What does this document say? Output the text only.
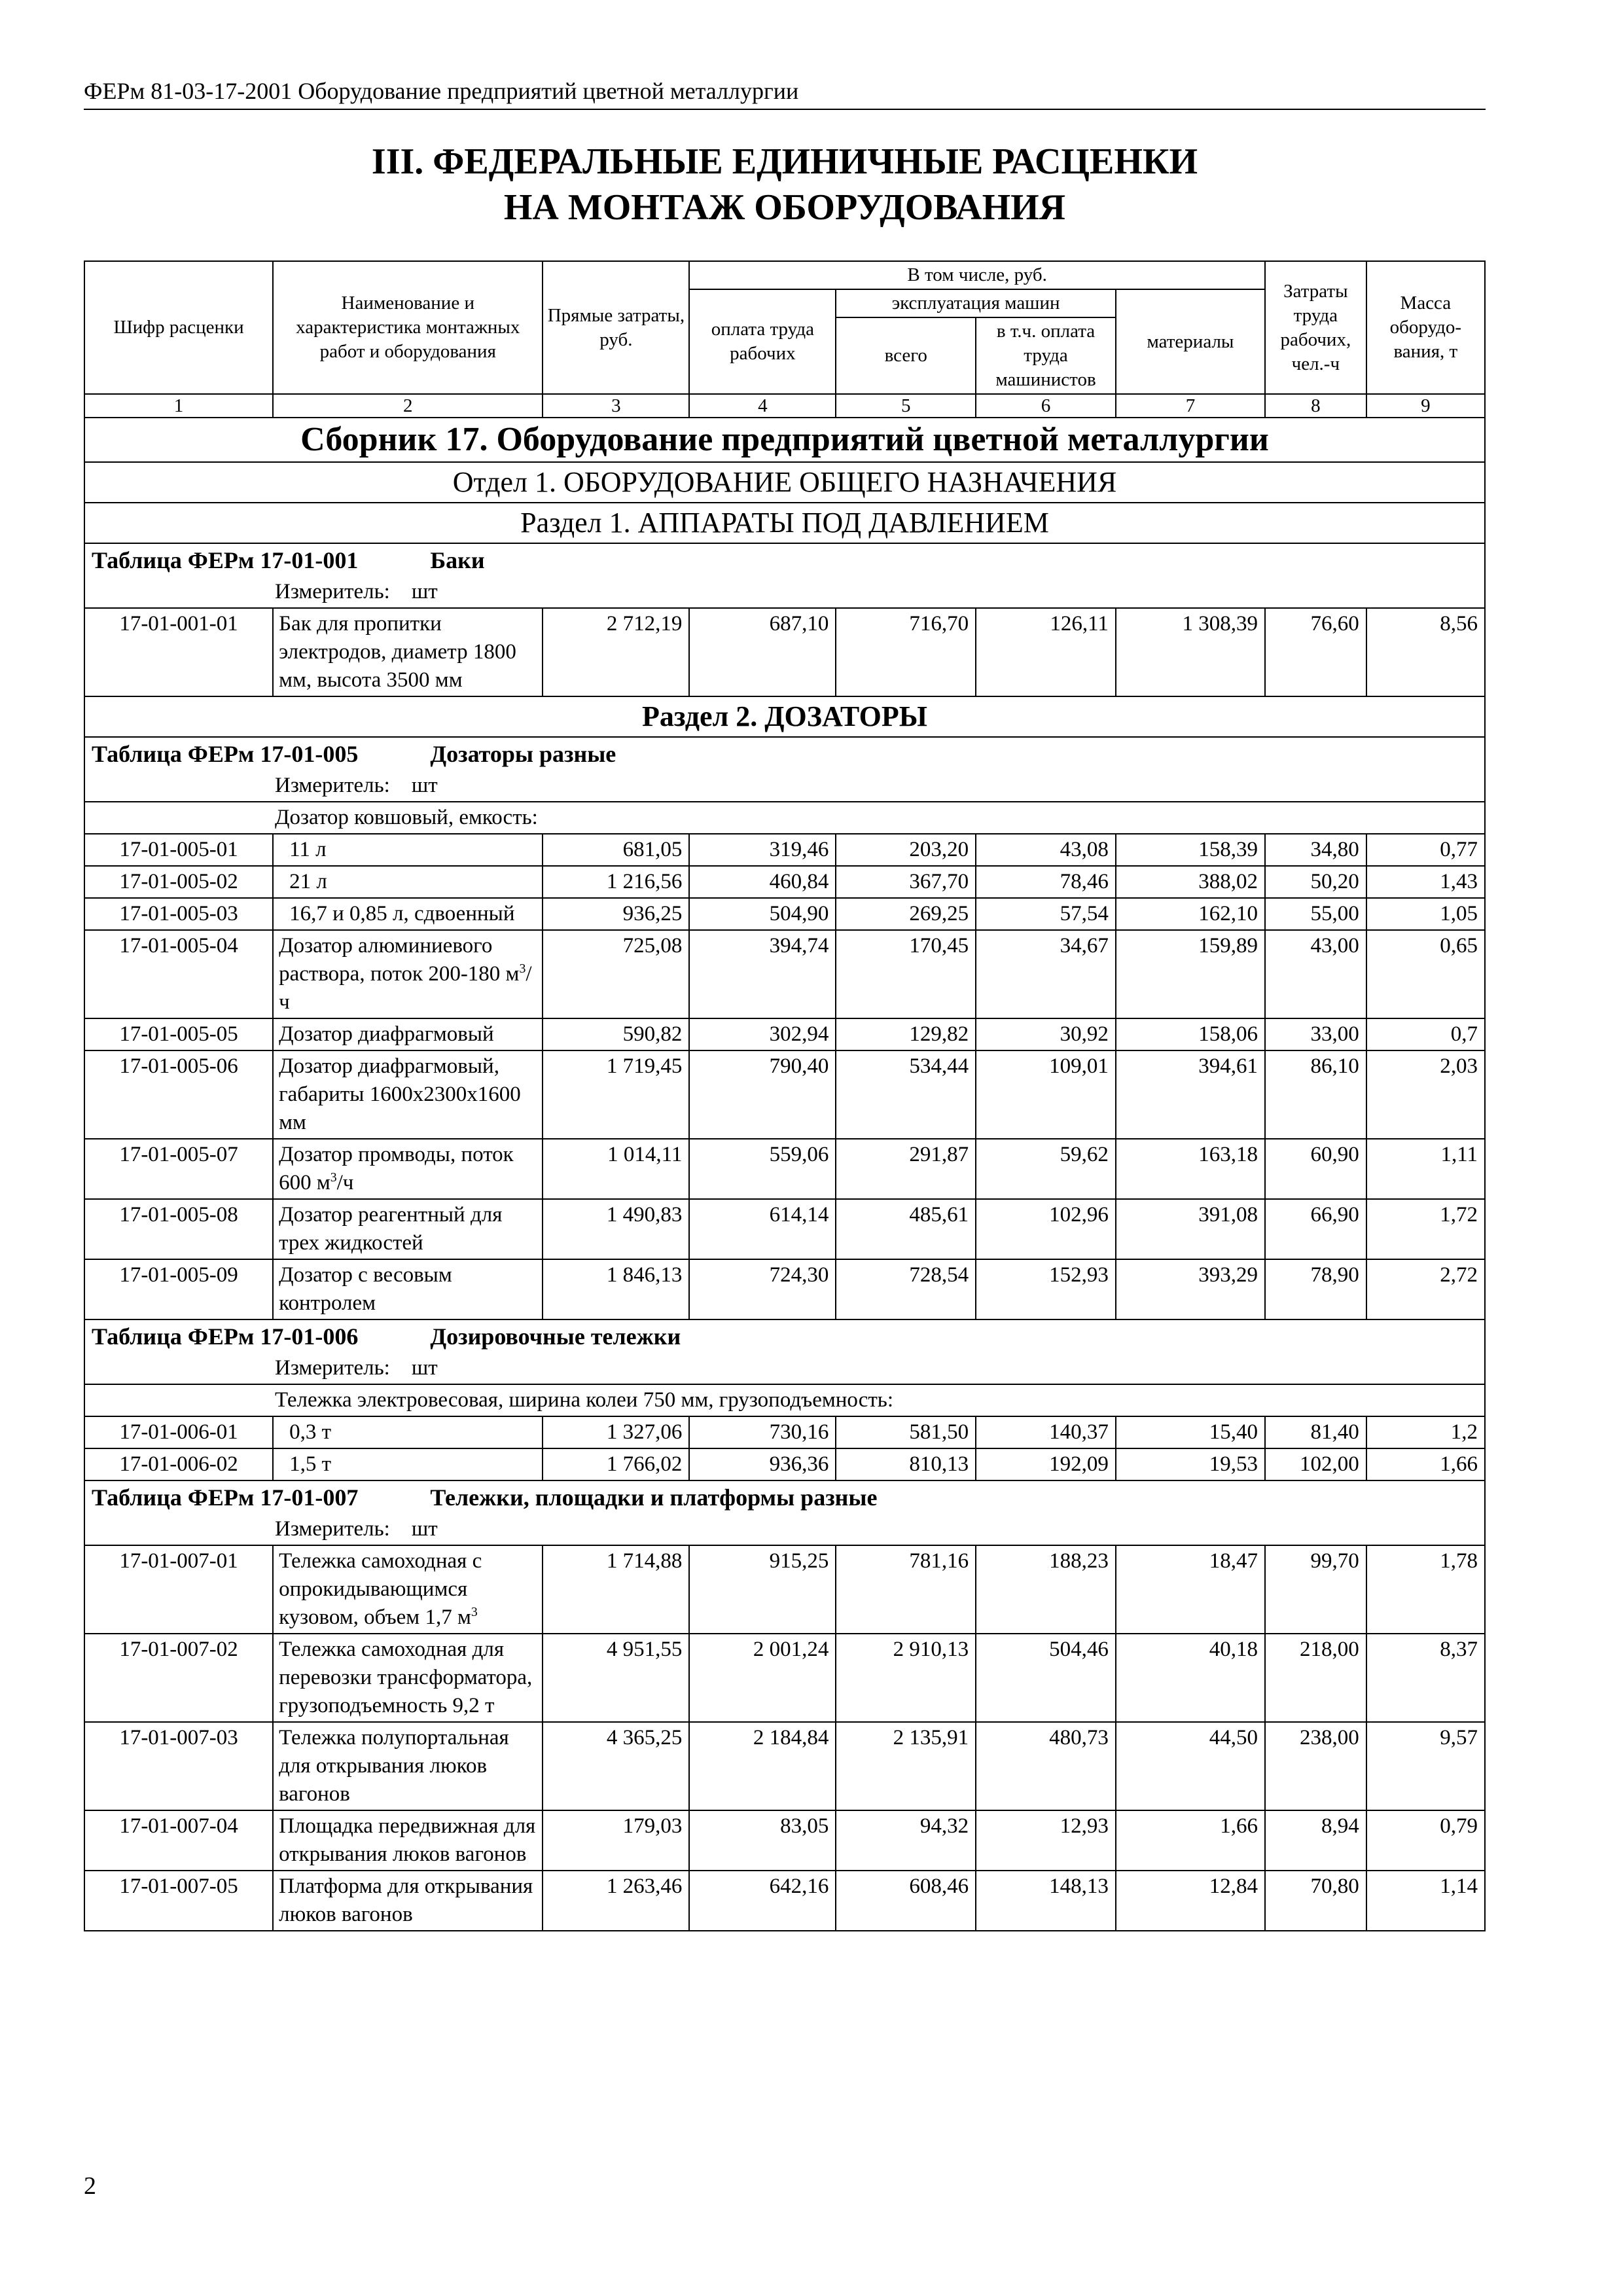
ФЕРм 81-03-17-2001 Оборудование предприятий цветной металлургии
III. ФЕДЕРАЛЬНЫЕ ЕДИНИЧНЫЕ РАСЦЕНКИ
НА МОНТАЖ ОБОРУДОВАНИЯ
Шифр расценки	Наименование и характеристика монтажных работ и оборудования	Прямые затраты, руб.	В том числе, руб.				Затраты труда рабочих, чел.-ч	Масса оборудо-вания, т
			оплата труда рабочих	эксплуатация машин		материалы		
				всего	в т.ч. оплата труда машинистов			
1	2	3	4	5	6	7	8	9
Сборник 17. Оборудование предприятий цветной металлургии								
Отдел 1. ОБОРУДОВАНИЕ ОБЩЕГО НАЗНАЧЕНИЯ								
Раздел 1. АППАРАТЫ ПОД ДАВЛЕНИЕМ								
Таблица ФЕРм 17-01-001 Баки								
Измеритель:  шт								
17-01-001-01	Бак для пропитки электродов, диаметр 1800 мм, высота 3500 мм	2 712,19	687,10	716,70	126,11	1 308,39	76,60	8,56
Раздел 2. ДОЗАТОРЫ								
Таблица ФЕРм 17-01-005 Дозаторы разные								
Измеритель:  шт								
Дозатор ковшовый, емкость:								
17-01-005-01	11 л	681,05	319,46	203,20	43,08	158,39	34,80	0,77
17-01-005-02	21 л	1 216,56	460,84	367,70	78,46	388,02	50,20	1,43
17-01-005-03	16,7 и 0,85 л, сдвоенный	936,25	504,90	269,25	57,54	162,10	55,00	1,05
17-01-005-04	Дозатор алюминиевого раствора, поток 200-180 $м^3/ч$	725,08	394,74	170,45	34,67	159,89	43,00	0,65
17-01-005-05	Дозатор диафрагмовый	590,82	302,94	129,82	30,92	158,06	33,00	0,7
17-01-005-06	Дозатор диафрагмовый, габариты 1600x2300x1600 мм	1 719,45	790,40	534,44	109,01	394,61	86,10	2,03
17-01-005-07	Дозатор промводы, поток 600 $м^3/ч$	1 014,11	559,06	291,87	59,62	163,18	60,90	1,11
17-01-005-08	Дозатор реагентный для трех жидкостей	1 490,83	614,14	485,61	102,96	391,08	66,90	1,72
17-01-005-09	Дозатор с весовым контролем	1 846,13	724,30	728,54	152,93	393,29	78,90	2,72
Таблица ФЕРм 17-01-006 Дозировочные тележки								
Измеритель:  шт								
Тележка электровесовая, ширина колеи 750 мм, грузоподъемность:								
17-01-006-01	0,3 т	1 327,06	730,16	581,50	140,37	15,40	81,40	1,2
17-01-006-02	1,5 т	1 766,02	936,36	810,13	192,09	19,53	102,00	1,66
Таблица ФЕРм 17-01-007 Тележки, площадки и платформы разные								
Измеритель:  шт								
17-01-007-01	Тележка самоходная с опрокидывающимся кузовом, объем 1,7 $м^3$	1 714,88	915,25	781,16	188,23	18,47	99,70	1,78
17-01-007-02	Тележка самоходная для перевозки трансформатора, грузоподъемность 9,2 т	4 951,55	2 001,24	2 910,13	504,46	40,18	218,00	8,37
17-01-007-03	Тележка полупортальная для открывания люков вагонов	4 365,25	2 184,84	2 135,91	480,73	44,50	238,00	9,57
17-01-007-04	Площадка передвижная для открывания люков вагонов	179,03	83,05	94,32	12,93	1,66	8,94	0,79
17-01-007-05	Платформа для открывания люков вагонов	1 263,46	642,16	608,46	148,13	12,84	70,80	1,14
2
